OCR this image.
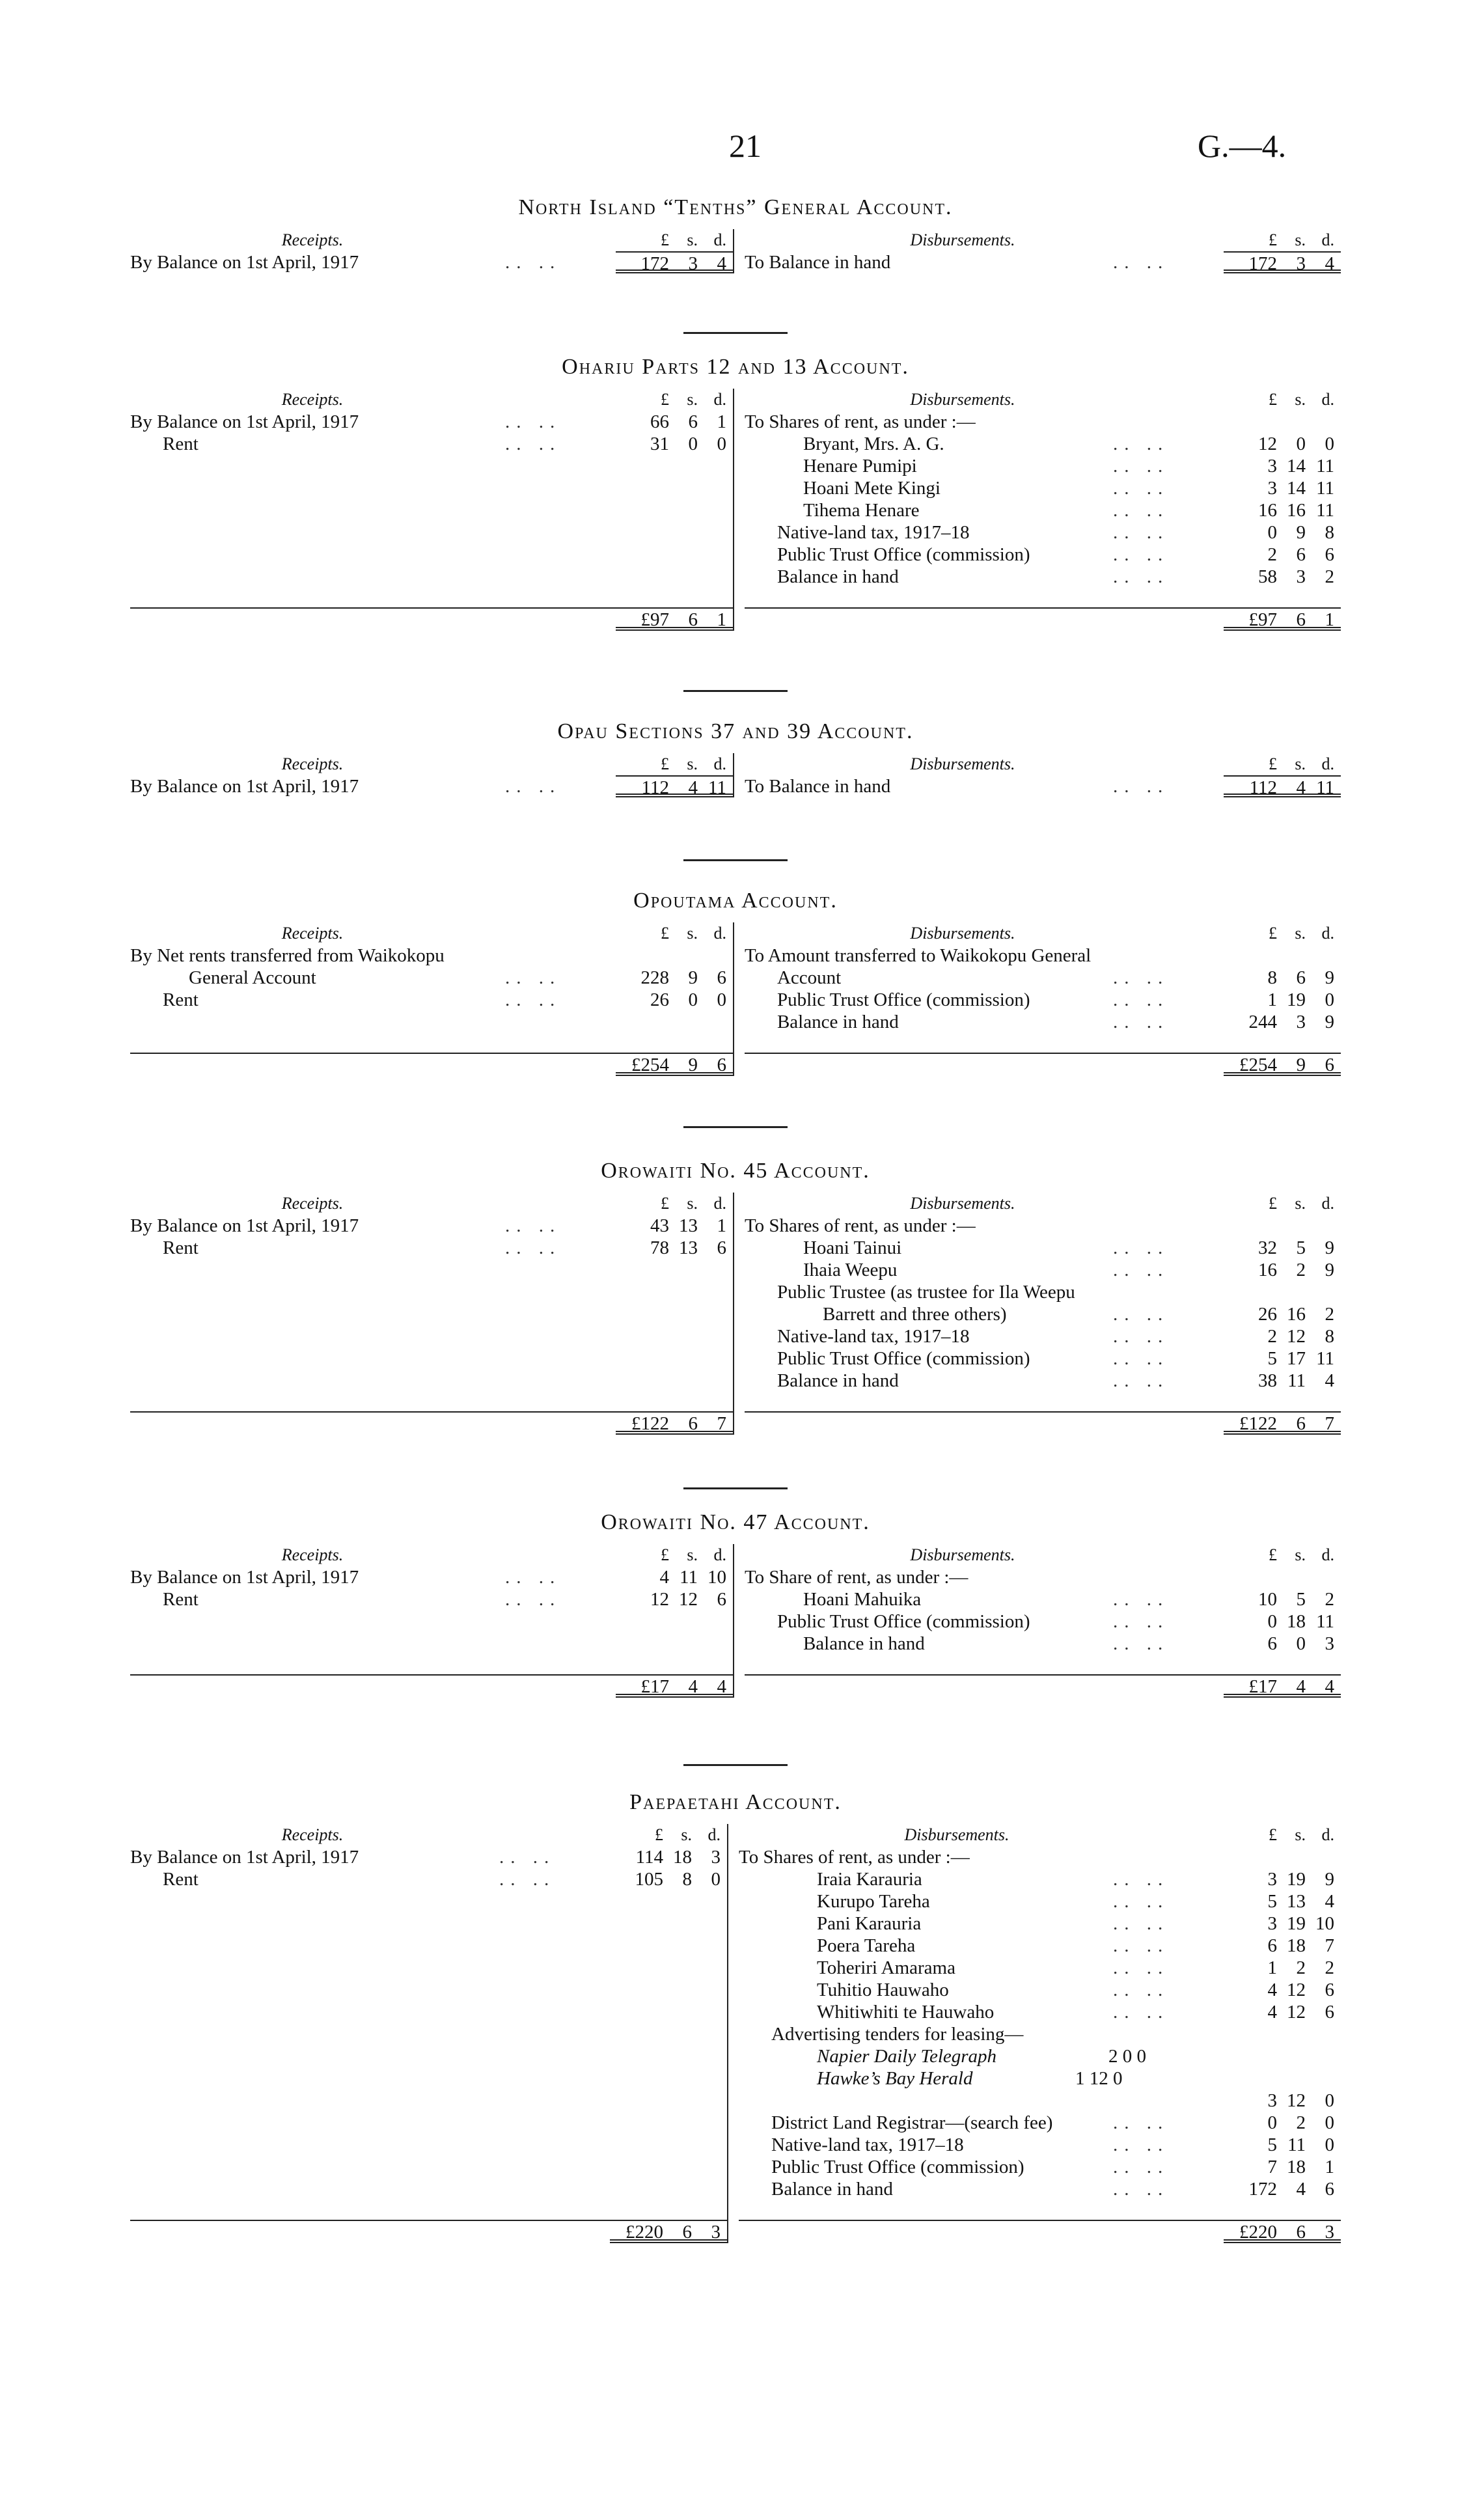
21	G.—4.
North Island “Tenths” General Account.
Receipts.	£	s. d.
By Balance on 1st April, 1917	.. ..	172	3	4
Disbursements.	£	s. d.
To Balance in hand	.. ..	172	3	4
Ohariu Parts 12 and 13 Account.
Receipts.	£	s. d.
By Balance on 1st April, 1917	.. ..	66	6	1
Rent	.. ..	31	0	0
£97	6	1
Disbursements.	£	s. d.
To Shares of rent, as under :—
Bryant, Mrs. A. G.	.. ..	12	0	0
Henare Pumipi	.. ..	3 14 11
Hoani Mete Kingi	.. ..	3 14 11
Tihema Henare	.. ..	16 16 11
Native-land tax, 1917–18	.. ..	0	9	8
Public Trust Office (commission)	.. ..	2	6	6
Balance in hand	.. ..	58	3	2
£97	6	1
Opau Sections 37 and 39 Account.
Receipts.	£	s. d.
By Balance on 1st April, 1917	.. ..	112	4 11
Disbursements.	£	s. d.
To Balance in hand	.. ..	112	4 11
Opoutama Account.
Receipts.	£	s. d.
By Net rents transferred from Waikokopu
General Account	.. ..	228	9	6
Rent	.. ..	26	0	0
£254	9	6
Disbursements.	£	s. d.
To Amount transferred to Waikokopu General
Account	.. ..	8	6	9
Public Trust Office (commission)	.. ..	1 19	0
Balance in hand	.. ..	244	3	9
£254	9	6
Orowaiti No. 45 Account.
Receipts.	£	s. d.
By Balance on 1st April, 1917	.. ..	43 13	1
Rent	.. ..	78 13	6
£122	6	7
Disbursements.	£	s. d.
To Shares of rent, as under :—
Hoani Tainui	.. ..	32	5	9
Ihaia Weepu	.. ..	16	2	9
Public Trustee (as trustee for Ila Weepu
Barrett and three others)	.. ..	26 16	2
Native-land tax, 1917–18	.. ..	2 12	8
Public Trust Office (commission)	.. ..	5 17 11
Balance in hand	.. ..	38 11	4
£122	6	7
Orowaiti No. 47 Account.
Receipts.	£	s. d.
By Balance on 1st April, 1917	.. ..	4 11 10
Rent	.. ..	12 12	6
£17	4	4
Disbursements.	£	s. d.
To Share of rent, as under :—
Hoani Mahuika	.. ..	10	5	2
Public Trust Office (commission)	.. ..	0 18 11
Balance in hand	.. ..	6	0	3
£17	4	4
Paepaetahi Account.
Receipts.	£	s. d.
By Balance on 1st April, 1917	.. ..	114 18	3
Rent	.. ..	105	8	0
£220	6	3
Disbursements.	£	s. d.
To Shares of rent, as under :—
Iraia Karauria	.. ..	3 19	9
Kurupo Tareha	.. ..	5 13	4
Pani Karauria	.. ..	3 19 10
Poera Tareha	.. ..	6 18	7
Toheriri Amarama	.. ..	1	2	2
Tuhitio Hauwaho	.. ..	4 12	6
Whitiwhiti te Hauwaho	.. ..	4 12	6
Advertising tenders for leasing—
Napier Daily Telegraph	2 0 0
Hawke’s Bay Herald	1 12 0
3 12	0
District Land Registrar—(search fee)	.. ..	0	2	0
Native-land tax, 1917–18	.. ..	5 11	0
Public Trust Office (commission)	.. ..	7 18	1
Balance in hand	.. ..	172	4	6
£220	6	3
